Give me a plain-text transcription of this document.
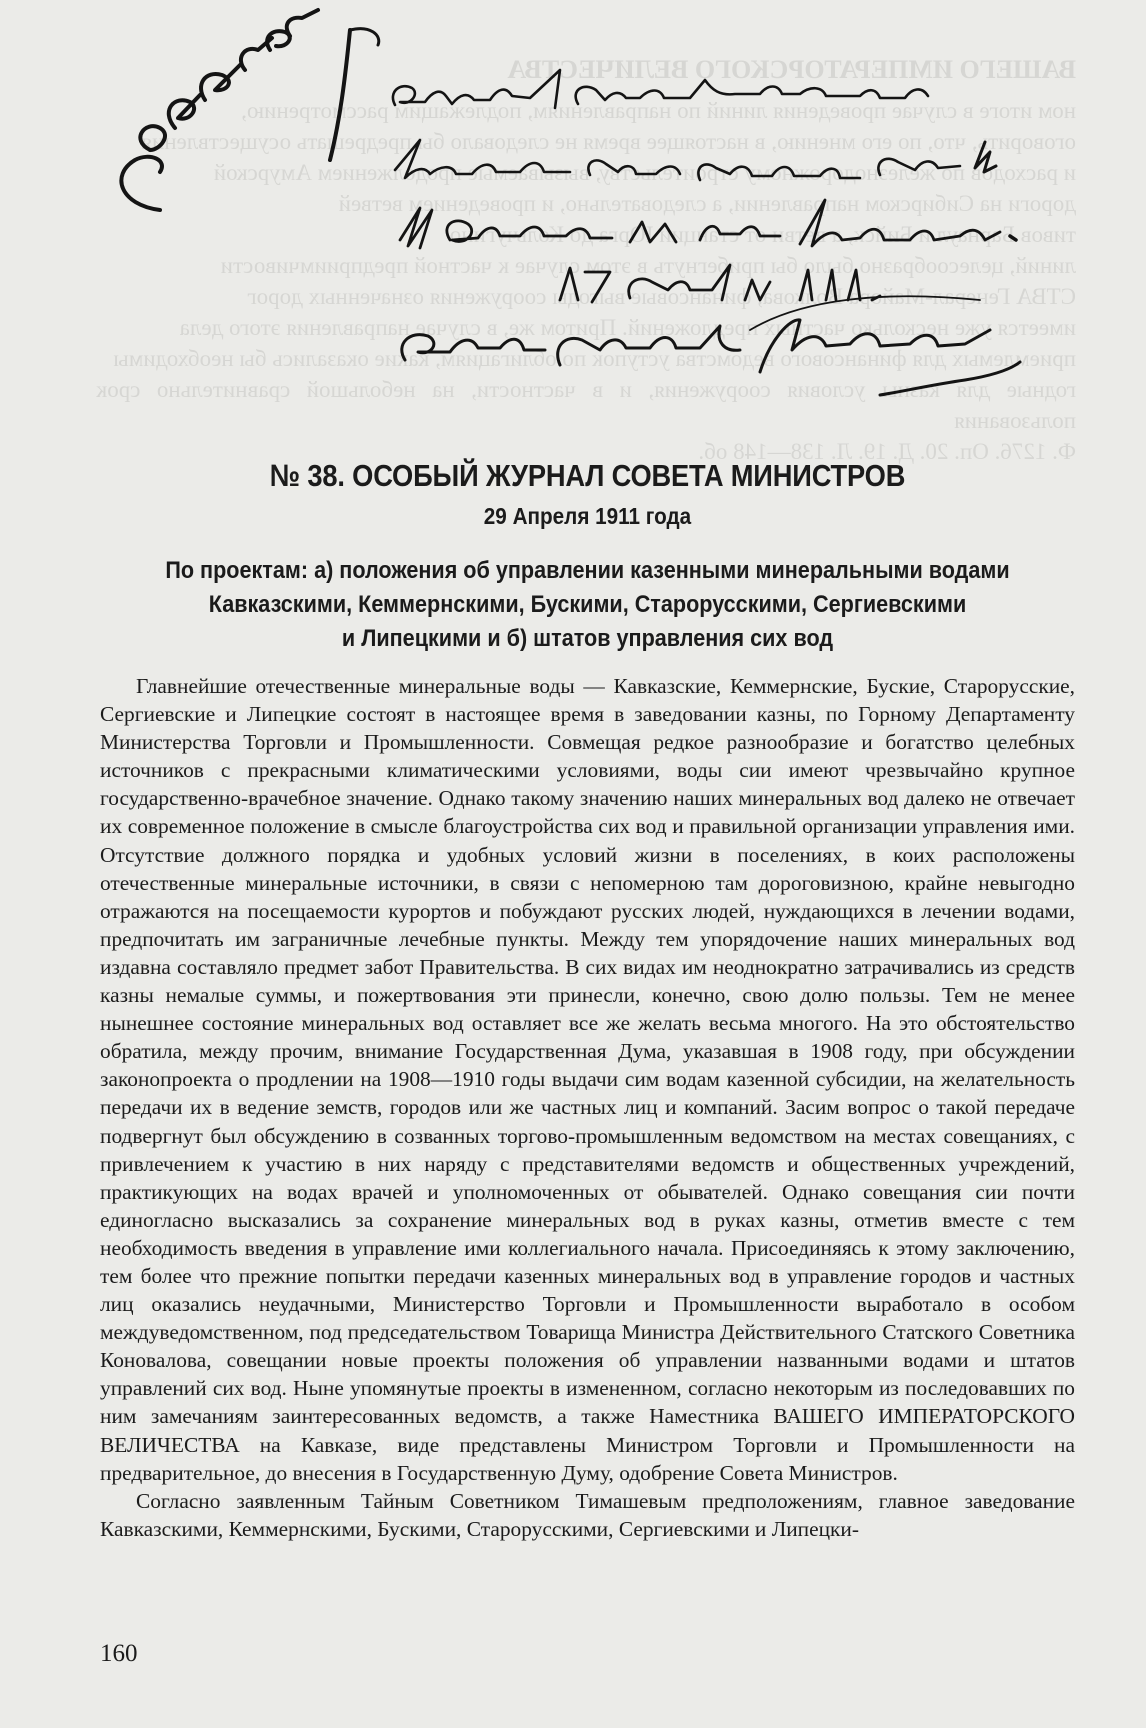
ВАШЕГО ИМПЕРАТОРСКОГО ВЕЛИЧЕСТВА

ном итоге в случае проведения линий по направлениям, подлежащим рассмотрению,

оговорить, что, по его мнению, в настоящее время не следовало бы предрешать осуществления

и расходов по железнодорожному строительству, вызываемые продолжением Амурской

дороги на Сибирском направлении, а следовательно, и проведением ветвей

тивов Барнаул и Бийск, а ветви от станции Юрга до Кольчугино

линий, целесообразно было бы прибегнуть в этом случае к частной предприимчивости

СТВА Генерал-Майора Волкова, финансовые выгоды сооружения означенных дорог

имеется уже несколько частных предложений. Притом же, в случае направления этого дела

приемлемых для финансового ведомства уступок по облигациям, какие оказались бы необходимы

годные для казны условия сооружения, и в частности, на небольшой сравнительно срок пользования

Ф. 1276. Оп. 20. Д. 19. Л. 138—148 об.

Согласен
№ 38. ОСОБЫЙ ЖУРНАЛ СОВЕТА МИНИСТРОВ
29 Апреля 1911 года
По проектам: а) положения об управлении казенными минеральными водами
Кавказскими, Кеммернскими, Бускими, Старорусскими, Сергиевскими
и Липецкими и б) штатов управления сих вод

Главнейшие отечественные минеральные воды — Кавказские, Кеммернские, Буские, Старорусские, Сергиевские и Липецкие состоят в настоящее время в заведовании казны, по Горному Департаменту Министерства Торговли и Промышленности. Совмещая редкое разнообразие и богатство целебных источников с прекрасными климатическими условиями, воды сии имеют чрезвычайно крупное государственно-врачебное значение. Однако такому значению наших минеральных вод далеко не отвечает их современное положение в смысле благоустройства сих вод и правильной организации управления ими. Отсутствие должного порядка и удобных условий жизни в поселениях, в коих расположены отечественные минеральные источники, в связи с непомерною там дороговизною, крайне невыгодно отражаются на посещаемости курортов и побуждают русских людей, нуждающихся в лечении водами, предпочитать им заграничные лечебные пункты. Между тем упорядочение наших минеральных вод издавна составляло предмет забот Правительства. В сих видах им неоднократно затрачивались из средств казны немалые суммы, и пожертвования эти принесли, конечно, свою долю пользы. Тем не менее нынешнее состояние минеральных вод оставляет все же желать весьма многого. На это обстоятельство обратила, между прочим, внимание Государственная Дума, указавшая в 1908 году, при обсуждении законопроекта о продлении на 1908—1910 годы выдачи сим водам казенной субсидии, на желательность передачи их в ведение земств, городов или же частных лиц и компаний. Засим вопрос о такой передаче подвергнут был обсуждению в созванных торгово-промышленным ведомством на местах совещаниях, с привлечением к участию в них наряду с представителями ведомств и общественных учреждений, практикующих на водах врачей и уполномоченных от обывателей. Однако совещания сии почти единогласно высказались за сохранение минеральных вод в руках казны, отметив вместе с тем необходимость введения в управление ими коллегиального начала. Присоединяясь к этому заключению, тем более что прежние попытки передачи казенных минеральных вод в управление городов и частных лиц оказались неудачными, Министерство Торговли и Промышленности выработало в особом междуведомственном, под председательством Товарища Министра Действительного Статского Советника Коновалова, совещании новые проекты положения об управлении названными водами и штатов управлений сих вод. Ныне упомянутые проекты в измененном, согласно некоторым из последовавших по ним замечаниям заинтересованных ведомств, а также Наместника ВАШЕГО ИМПЕРАТОРСКОГО ВЕЛИЧЕСТВА на Кавказе, виде представлены Министром Торговли и Промышленности на предварительное, до внесения в Государственную Думу, одобрение Совета Министров.

Согласно заявленным Тайным Советником Тимашевым предположениям, главное заведование Кавказскими, Кеммернскими, Бускими, Старорусскими, Сергиевскими и Липецки-

160
